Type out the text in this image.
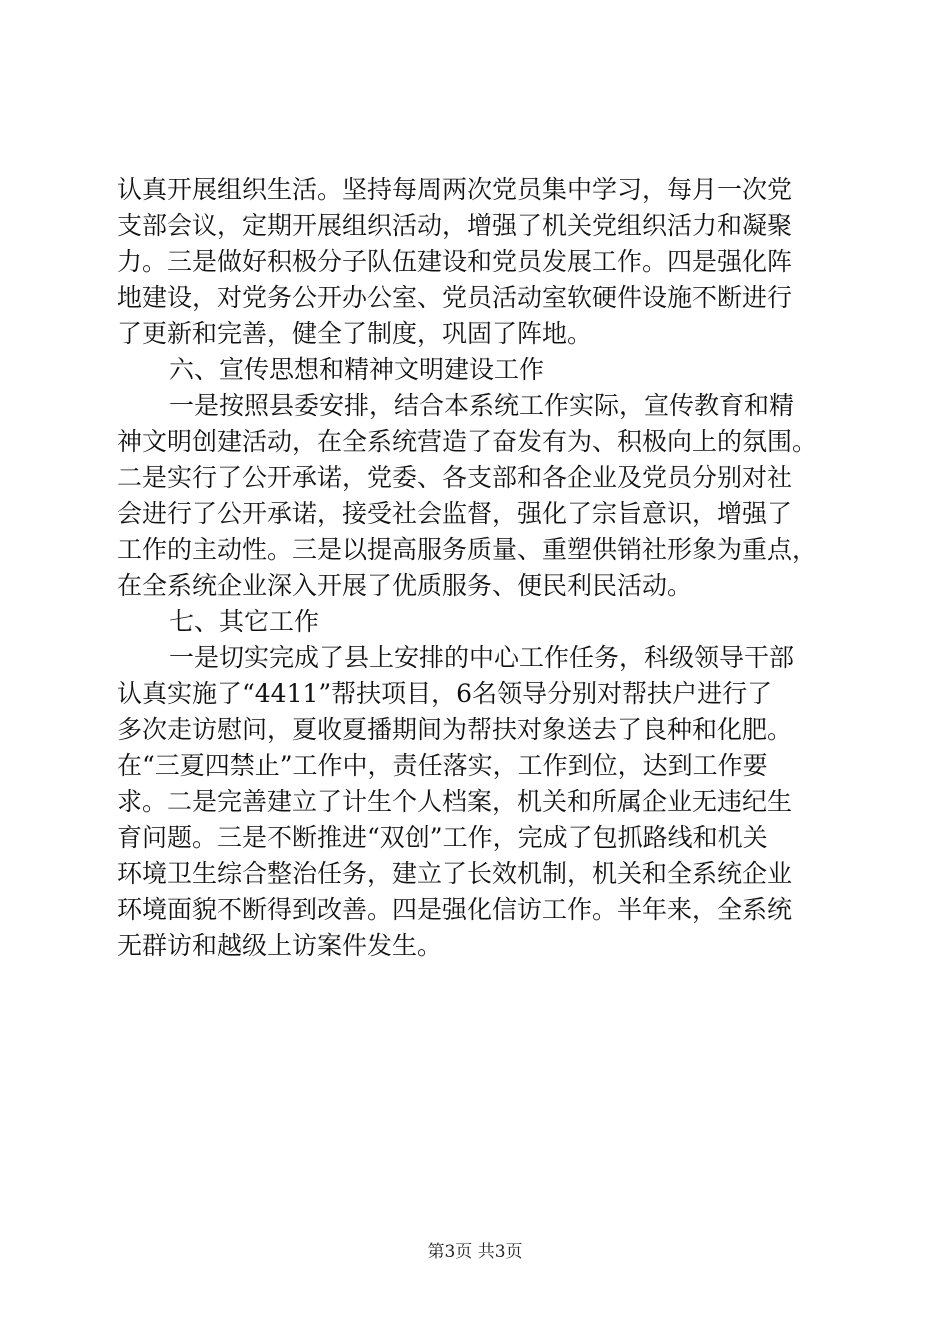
认真开展组织生活。坚持每周两次党员集中学习，每月一次党
支部会议，定期开展组织活动，增强了机关党组织活力和凝聚
力。三是做好积极分子队伍建设和党员发展工作。四是强化阵
地建设，对党务公开办公室、党员活动室软硬件设施不断进行
了更新和完善，健全了制度，巩固了阵地。
六、宣传思想和精神文明建设工作
一是按照县委安排，结合本系统工作实际，宣传教育和精
神文明创建活动，在全系统营造了奋发有为、积极向上的氛围。
二是实行了公开承诺，党委、各支部和各企业及党员分别对社
会进行了公开承诺，接受社会监督，强化了宗旨意识，增强了
工作的主动性。三是以提高服务质量、重塑供销社形象为重点，
在全系统企业深入开展了优质服务、便民利民活动。
七、其它工作
一是切实完成了县上安排的中心工作任务，科级领导干部
认真实施了“4411”帮扶项目，6名领导分别对帮扶户进行了
多次走访慰问，夏收夏播期间为帮扶对象送去了良种和化肥。
在“三夏四禁止”工作中，责任落实，工作到位，达到工作要
求。二是完善建立了计生个人档案，机关和所属企业无违纪生
育问题。三是不断推进“双创”工作，完成了包抓路线和机关
环境卫生综合整治任务，建立了长效机制，机关和全系统企业
环境面貌不断得到改善。四是强化信访工作。半年来，全系统
无群访和越级上访案件发生。
第3页 共3页
